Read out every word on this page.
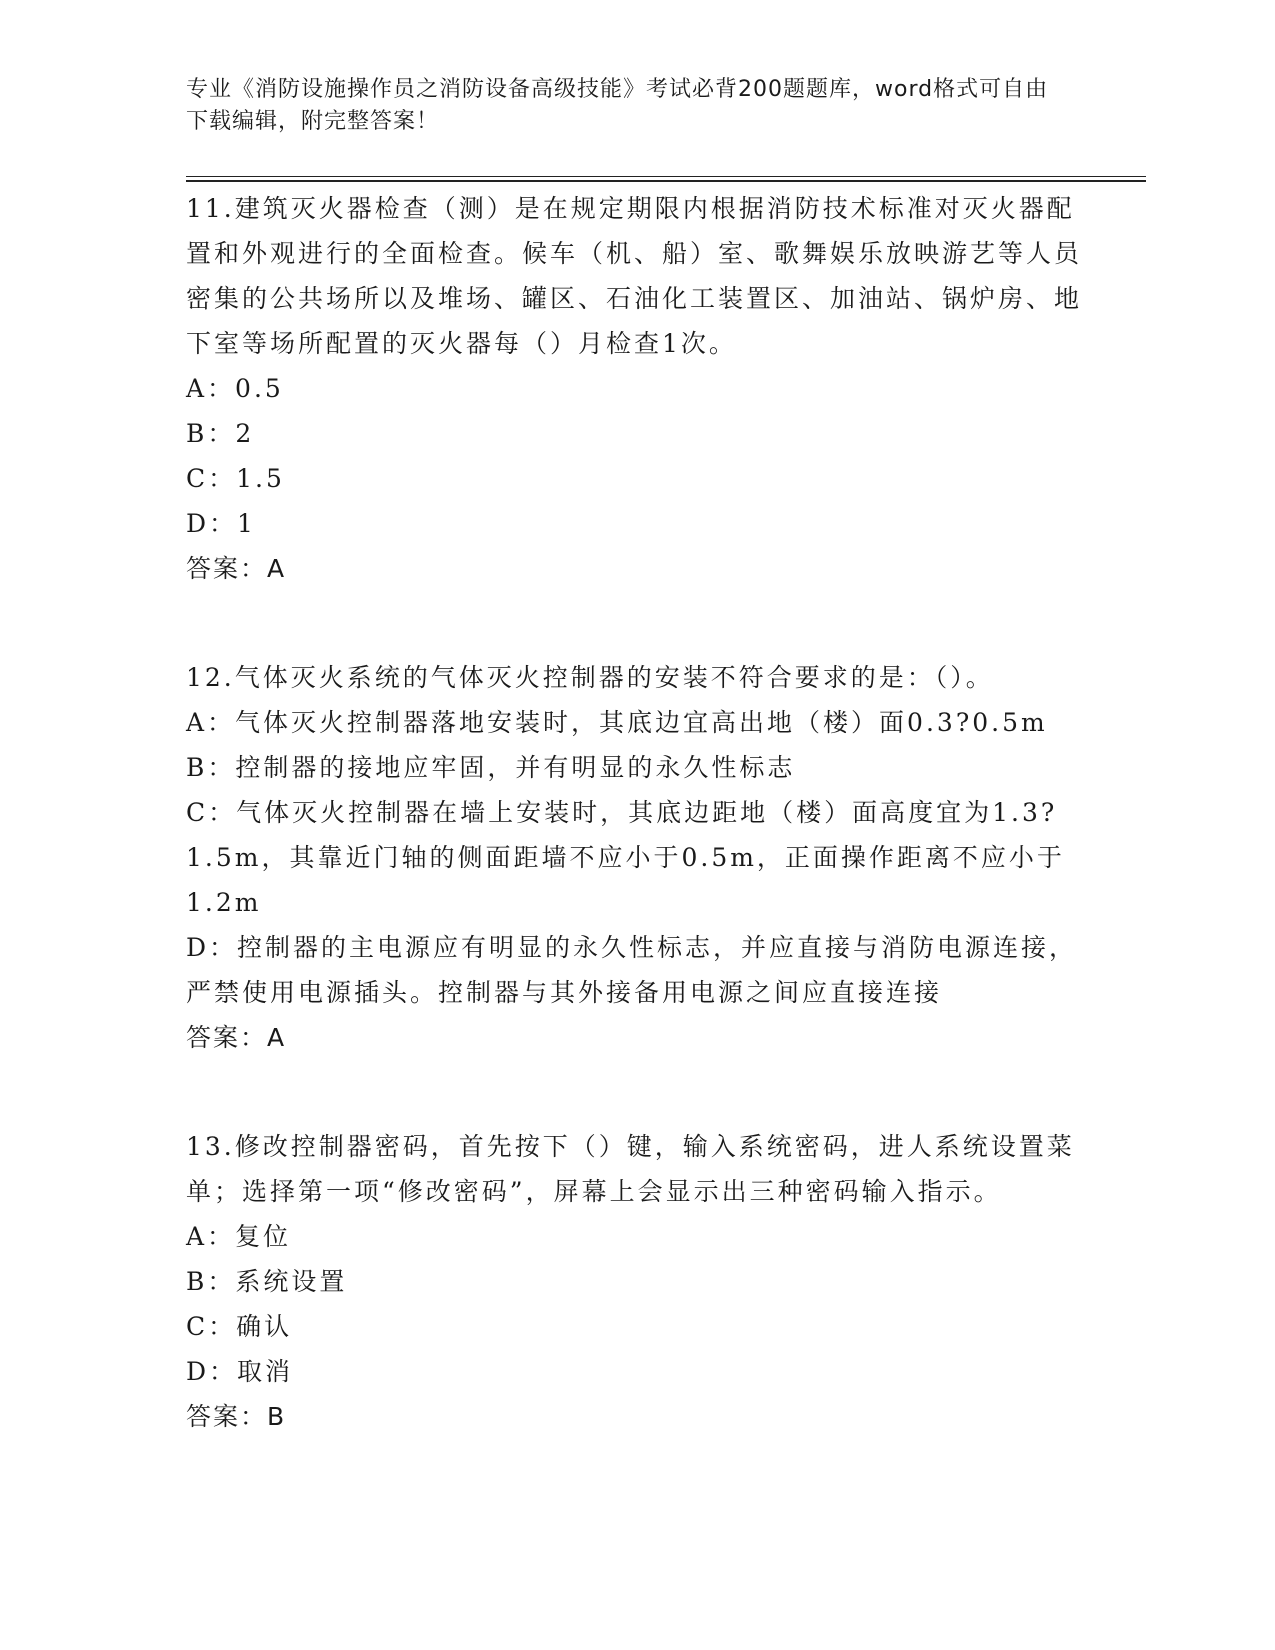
专业《消防设施操作员之消防设备高级技能》考试必背200题题库，word格式可自由下载编辑，附完整答案！

11.建筑灭火器检查（测）是在规定期限内根据消防技术标准对灭火器配置和外观进行的全面检查。候车（机、船）室、歌舞娱乐放映游艺等人员密集的公共场所以及堆场、罐区、石油化工装置区、加油站、锅炉房、地下室等场所配置的灭火器每（）月检查1次。

A：0.5

B：2

C：1.5

D：1

答案：A

12.气体灭火系统的气体灭火控制器的安装不符合要求的是：（）。

A：气体灭火控制器落地安装时，其底边宜高出地（楼）面0.3?0.5m

B：控制器的接地应牢固，并有明显的永久性标志

C：气体灭火控制器在墙上安装时，其底边距地（楼）面高度宜为1.3?1.5m，其靠近门轴的侧面距墙不应小于0.5m，正面操作距离不应小于1.2m

D：控制器的主电源应有明显的永久性标志，并应直接与消防电源连接，严禁使用电源插头。控制器与其外接备用电源之间应直接连接

答案：A

13.修改控制器密码，首先按下（）键，输入系统密码，进人系统设置菜单；选择第一项“修改密码”，屏幕上会显示出三种密码输入指示。

A：复位

B：系统设置

C：确认

D：取消

答案：B
